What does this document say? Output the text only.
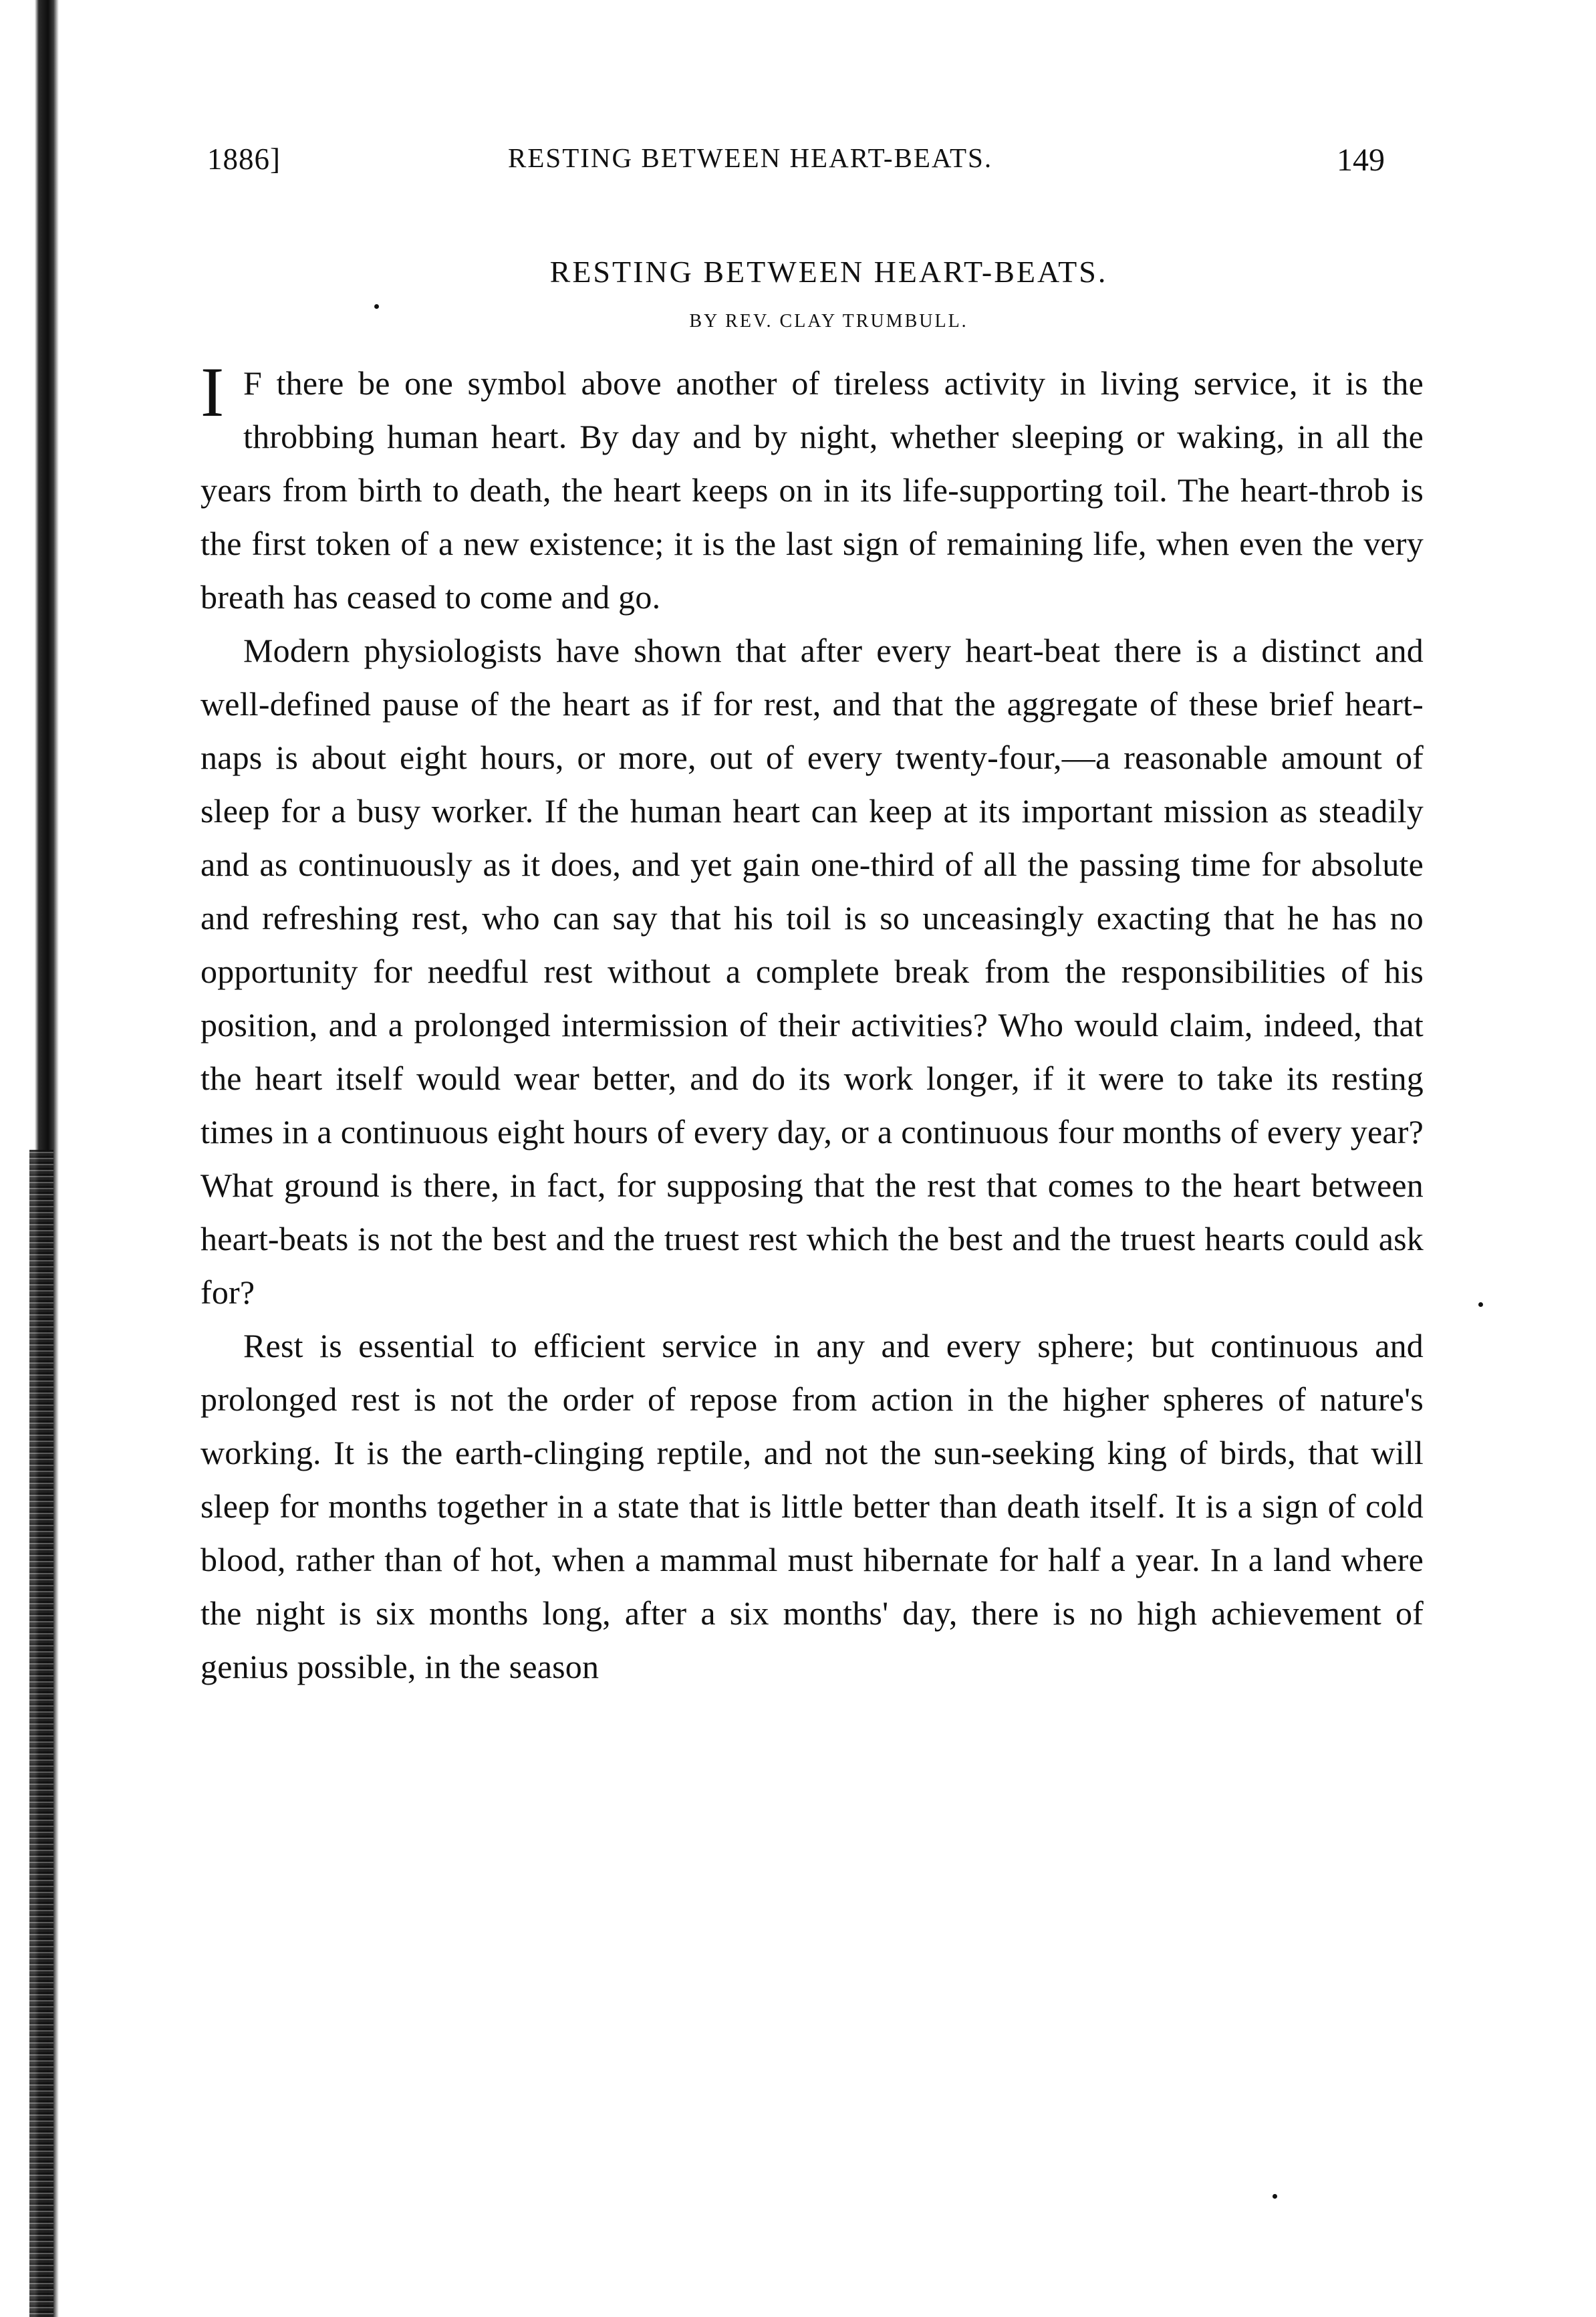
1886]	RESTING BETWEEN HEART-BEATS.	149
RESTING BETWEEN HEART-BEATS.
BY REV. CLAY TRUMBULL.

I F there be one symbol above another of tireless activity in living service, it is the throbbing human heart. By day and by night, whether sleeping or waking, in all the years from birth to death, the heart keeps on in its life-supporting toil. The heart-throb is the first token of a new existence; it is the last sign of remaining life, when even the very breath has ceased to come and go.

Modern physiologists have shown that after every heart-beat there is a distinct and well-defined pause of the heart as if for rest, and that the aggregate of these brief heart-naps is about eight hours, or more, out of every twenty-four,—a reasonable amount of sleep for a busy worker. If the human heart can keep at its important mission as steadily and as continuously as it does, and yet gain one-third of all the passing time for absolute and refreshing rest, who can say that his toil is so unceasingly exacting that he has no opportunity for needful rest without a complete break from the responsibilities of his position, and a prolonged intermission of their activities? Who would claim, indeed, that the heart itself would wear better, and do its work longer, if it were to take its resting times in a continuous eight hours of every day, or a continuous four months of every year? What ground is there, in fact, for supposing that the rest that comes to the heart between heart-beats is not the best and the truest rest which the best and the truest hearts could ask for?

Rest is essential to efficient service in any and every sphere; but continuous and prolonged rest is not the order of repose from action in the higher spheres of nature's working. It is the earth-clinging reptile, and not the sun-seeking king of birds, that will sleep for months together in a state that is little better than death itself. It is a sign of cold blood, rather than of hot, when a mammal must hibernate for half a year. In a land where the night is six months long, after a six months' day, there is no high achievement of genius possible, in the season
